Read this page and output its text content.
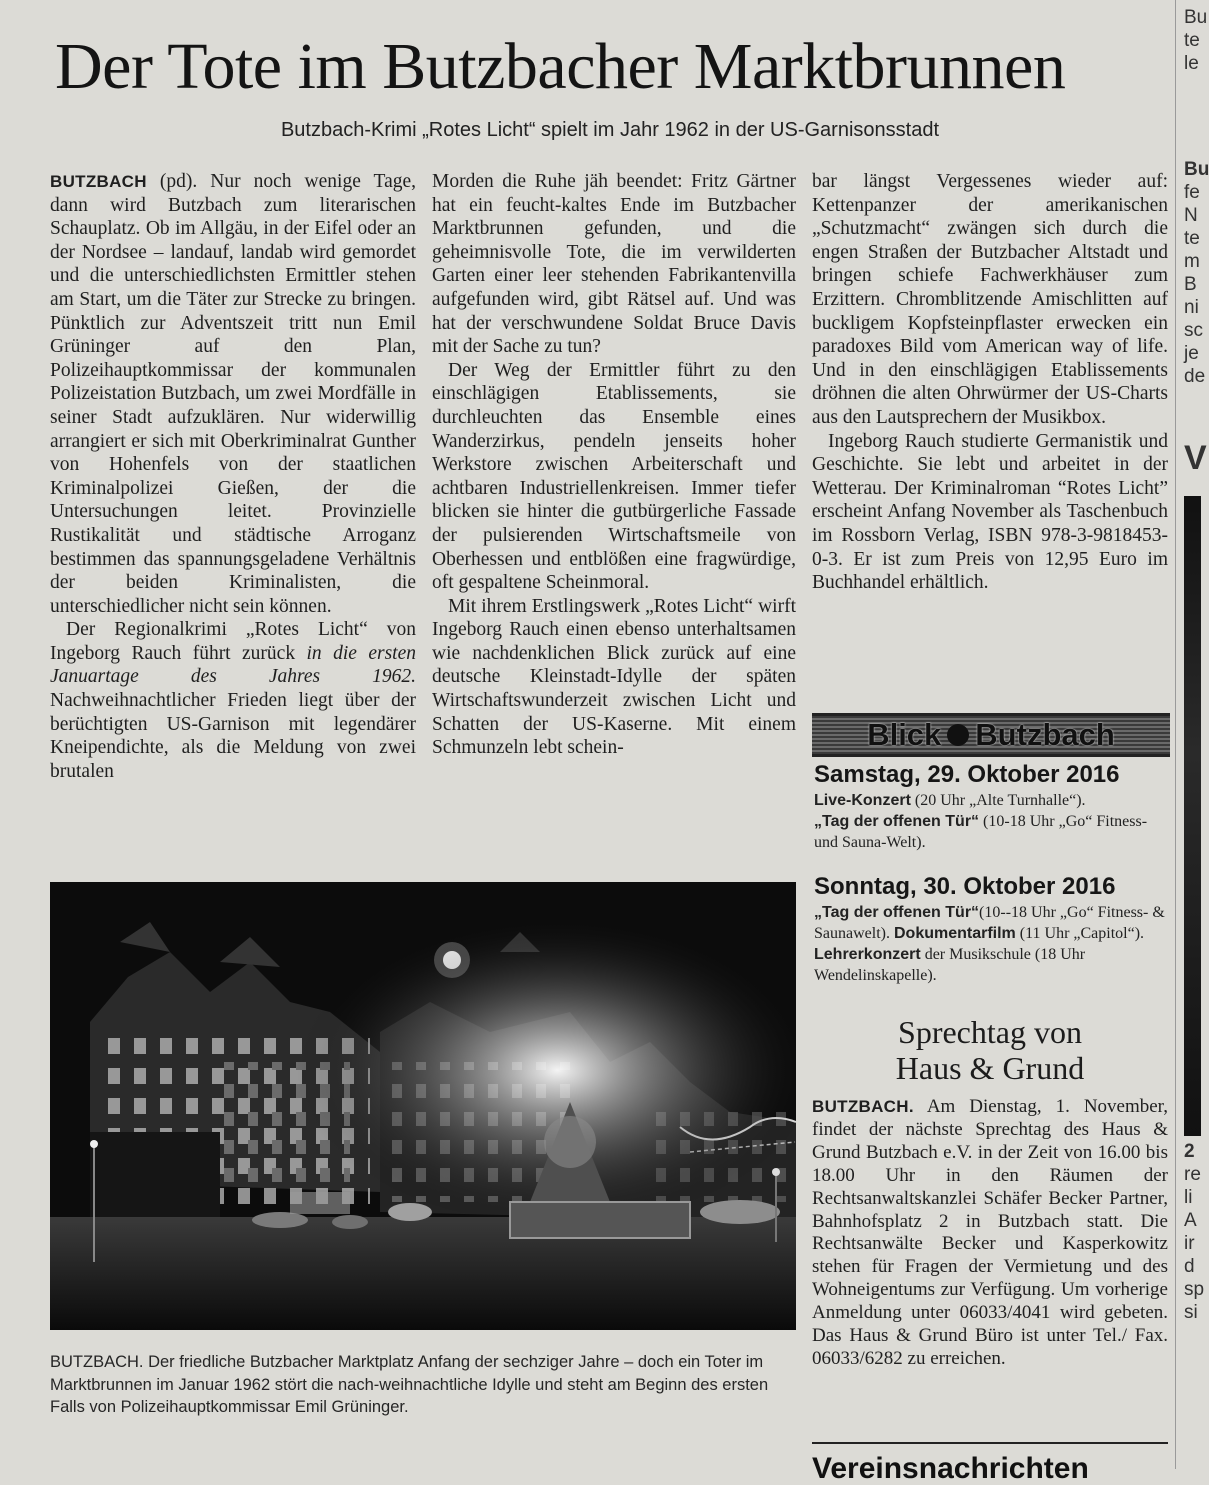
Der Tote im Butzbacher Marktbrunnen
Butzbach-Krimi „Rotes Licht“ spielt im Jahr 1962 in der US-Garnisonsstadt

BUTZBACH (pd). Nur noch wenige Tage, dann wird Butzbach zum literarischen Schauplatz. Ob im Allgäu, in der Eifel oder an der Nordsee – landauf, landab wird gemordet und die unterschiedlichsten Ermittler stehen am Start, um die Täter zur Strecke zu bringen. Pünktlich zur Adventszeit tritt nun Emil Grüninger auf den Plan, Polizeihauptkommissar der kommunalen Polizeistation Butzbach, um zwei Mordfälle in seiner Stadt aufzuklären. Nur widerwillig arrangiert er sich mit Oberkriminalrat Gunther von Hohenfels von der staatlichen Kriminalpolizei Gießen, der die Untersuchungen leitet. Provinzielle Rustikalität und städtische Arroganz bestimmen das spannungsgeladene Verhältnis der beiden Kriminalisten, die unterschiedlicher nicht sein können.

Der Regionalkrimi „Rotes Licht“ von Ingeborg Rauch führt zurück in die ersten Januartage des Jahres 1962. Nachweihnachtlicher Frieden liegt über der berüchtigten US-Garnison mit legendärer Kneipendichte, als die Meldung von zwei brutalen

Morden die Ruhe jäh beendet: Fritz Gärtner hat ein feucht-kaltes Ende im Butzbacher Marktbrunnen gefunden, und die geheimnisvolle Tote, die im verwilderten Garten einer leer stehenden Fabrikantenvilla aufgefunden wird, gibt Rätsel auf. Und was hat der verschwundene Soldat Bruce Davis mit der Sache zu tun?

Der Weg der Ermittler führt zu den einschlägigen Etablissements, sie durchleuchten das Ensemble eines Wanderzirkus, pendeln jenseits hoher Werkstore zwischen Arbeiterschaft und achtbaren Industriellenkreisen. Immer tiefer blicken sie hinter die gutbürgerliche Fassade der pulsierenden Wirtschaftsmeile von Oberhessen und entblößen eine fragwürdige, oft gespaltene Scheinmoral.

Mit ihrem Erstlingswerk „Rotes Licht“ wirft Ingeborg Rauch einen ebenso unterhaltsamen wie nachdenklichen Blick zurück auf eine deutsche Kleinstadt-Idylle der späten Wirtschaftswunderzeit zwischen Licht und Schatten der US-Kaserne. Mit einem Schmunzeln lebt schein-

bar längst Vergessenes wieder auf: Kettenpanzer der amerikanischen „Schutzmacht“ zwängen sich durch die engen Straßen der Butzbacher Altstadt und bringen schiefe Fachwerkhäuser zum Erzittern. Chromblitzende Amischlitten auf buckligem Kopfsteinpflaster erwecken ein paradoxes Bild vom American way of life. Und in den einschlägigen Etablissements dröhnen die alten Ohrwürmer der US-Charts aus den Lautsprechern der Musikbox.

Ingeborg Rauch studierte Germanistik und Geschichte. Sie lebt und arbeitet in der Wetterau. Der Kriminalroman “Rotes Licht” erscheint Anfang November als Taschenbuch im Rossborn Verlag, ISBN 978-3-9818453-0-3. Er ist zum Preis von 12,95 Euro im Buchhandel erhältlich.

BUTZBACH. Der friedliche Butzbacher Marktplatz Anfang der sechziger Jahre – doch ein Toter im Marktbrunnen im Januar 1962 stört die nach-weihnachtliche Idylle und steht am Beginn des ersten Falls von Polizeihauptkommissar Emil Grüninger.
Blick Butzbach
Samstag, 29. Oktober 2016
Live-Konzert (20 Uhr „Alte Turnhalle“).
„Tag der offenen Tür“ (10-18 Uhr „Go“ Fitness- und Sauna-Welt).
Sonntag, 30. Oktober 2016
„Tag der offenen Tür“(10--18 Uhr „Go“ Fitness- & Saunawelt). Dokumentarfilm (11 Uhr „Capitol“). Lehrerkonzert der Musikschule (18 Uhr Wendelinskapelle).
Sprechtag von
Haus & Grund

BUTZBACH. Am Dienstag, 1. November, findet der nächste Sprechtag des Haus & Grund Butzbach e.V. in der Zeit von 16.00 bis 18.00 Uhr in den Räumen der Rechtsanwaltskanzlei Schäfer Becker Partner, Bahnhofsplatz 2 in Butzbach statt. Die Rechtsanwälte Becker und Kasperkowitz stehen für Fragen der Vermietung und des Wohneigentums zur Verfügung. Um vorherige Anmeldung unter 06033/4041 wird gebeten. Das Haus & Grund Büro ist unter Tel./ Fax. 06033/6282 zu erreichen.

Vereinsnachrichten
Bu
te
le
Bu
fe
N
te
m
B
ni
sc
je
de
V
2
re
li
A
ir
d
sp
si
